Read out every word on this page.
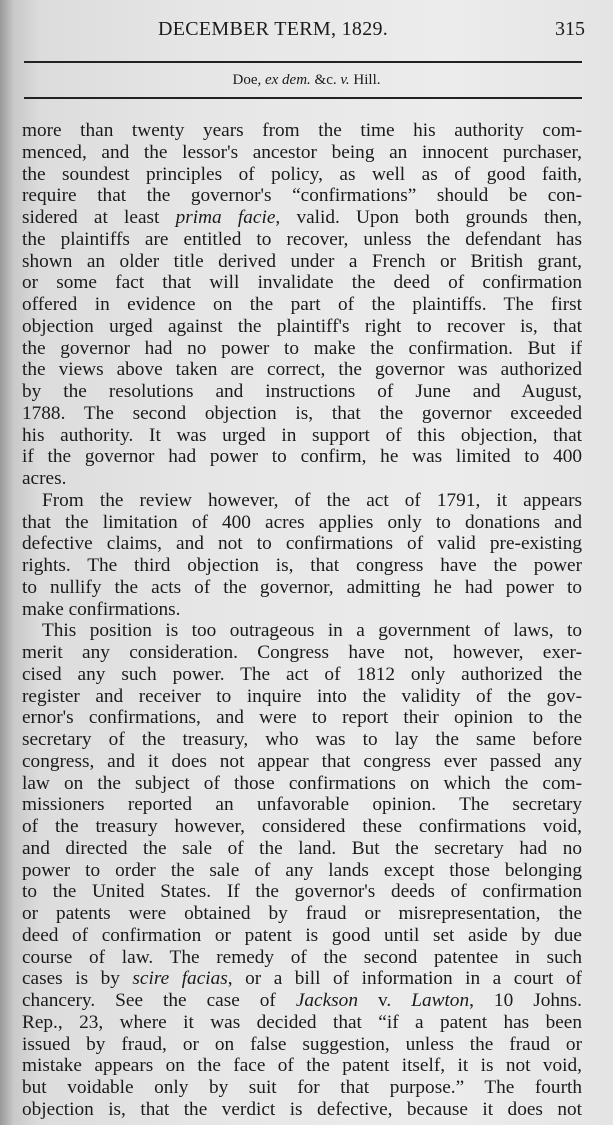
DECEMBER TERM, 1829.	315
Doe, ex dem. &c. v. Hill.
more than twenty years from the time his authority com-
menced, and the lessor's ancestor being an innocent purchaser,
the soundest principles of policy, as well as of good faith,
require that the governor's “confirmations” should be con-
sidered at least prima facie, valid. Upon both grounds then,
the plaintiffs are entitled to recover, unless the defendant has
shown an older title derived under a French or British grant,
or some fact that will invalidate the deed of confirmation
offered in evidence on the part of the plaintiffs. The first
objection urged against the plaintiff's right to recover is, that
the governor had no power to make the confirmation. But if
the views above taken are correct, the governor was authorized
by the resolutions and instructions of June and August,
1788. The second objection is, that the governor exceeded
his authority. It was urged in support of this objection, that
if the governor had power to confirm, he was limited to 400
acres.
From the review however, of the act of 1791, it appears
that the limitation of 400 acres applies only to donations and
defective claims, and not to confirmations of valid pre-existing
rights. The third objection is, that congress have the power
to nullify the acts of the governor, admitting he had power to
make confirmations.
This position is too outrageous in a government of laws, to
merit any consideration. Congress have not, however, exer-
cised any such power. The act of 1812 only authorized the
register and receiver to inquire into the validity of the gov-
ernor's confirmations, and were to report their opinion to the
secretary of the treasury, who was to lay the same before
congress, and it does not appear that congress ever passed any
law on the subject of those confirmations on which the com-
missioners reported an unfavorable opinion. The secretary
of the treasury however, considered these confirmations void,
and directed the sale of the land. But the secretary had no
power to order the sale of any lands except those belonging
to the United States. If the governor's deeds of confirmation
or patents were obtained by fraud or misrepresentation, the
deed of confirmation or patent is good until set aside by due
course of law. The remedy of the second patentee in such
cases is by scire facias, or a bill of information in a court of
chancery. See the case of Jackson v. Lawton, 10 Johns.
Rep., 23, where it was decided that “if a patent has been
issued by fraud, or on false suggestion, unless the fraud or
mistake appears on the face of the patent itself, it is not void,
but voidable only by suit for that purpose.” The fourth
objection is, that the verdict is defective, because it does not
